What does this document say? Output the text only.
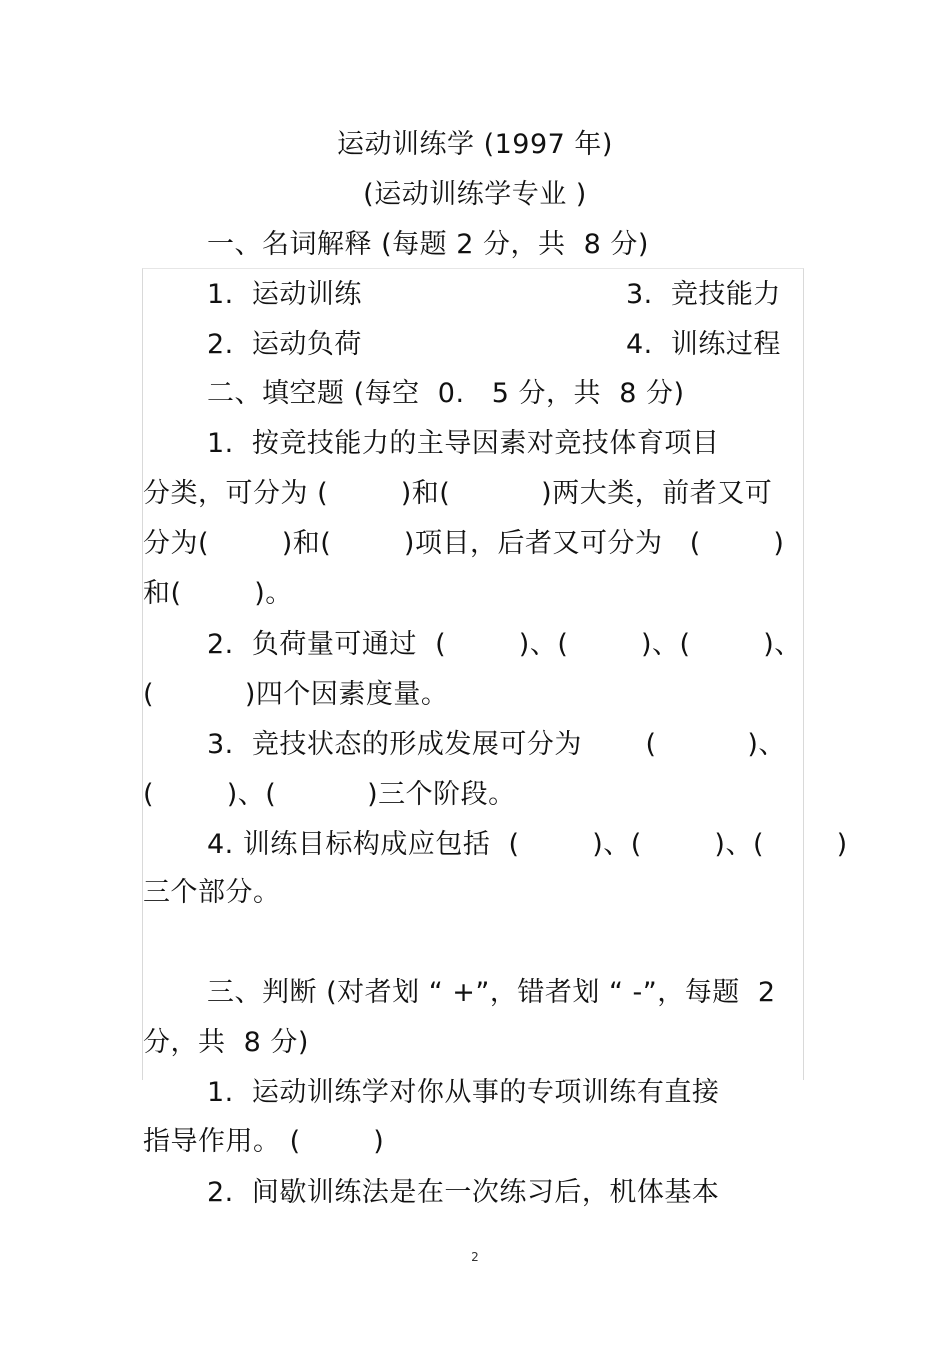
运动训练学 (1997 年)
(运动训练学专业 )
一、名词解释 (每题 2 分，共  8 分)
1.  运动训练	3.  竞技能力
2.  运动负荷	4.  训练过程
二、填空题 (每空  0.   5 分，共  8 分)
1.  按竞技能力的主导因素对竞技体育项目
分类，可分为 (        )和(          )两大类，前者又可
分为(        )和(        )项目，后者又可分为   (        )
和(        )。
2.  负荷量可通过  (        )、(        )、(        )、
(          )四个因素度量。
3.  竞技状态的形成发展可分为       (          )、
(        )、(          )三个阶段。
4. 训练目标构成应包括  (        )、(        )、(        )
三个部分。
三、判断 (对者划 “ +”，错者划 “ -”，每题  2
分，共  8 分)
1.  运动训练学对你从事的专项训练有直接
指导作用。 (        )
2.  间歇训练法是在一次练习后，机体基本
2
